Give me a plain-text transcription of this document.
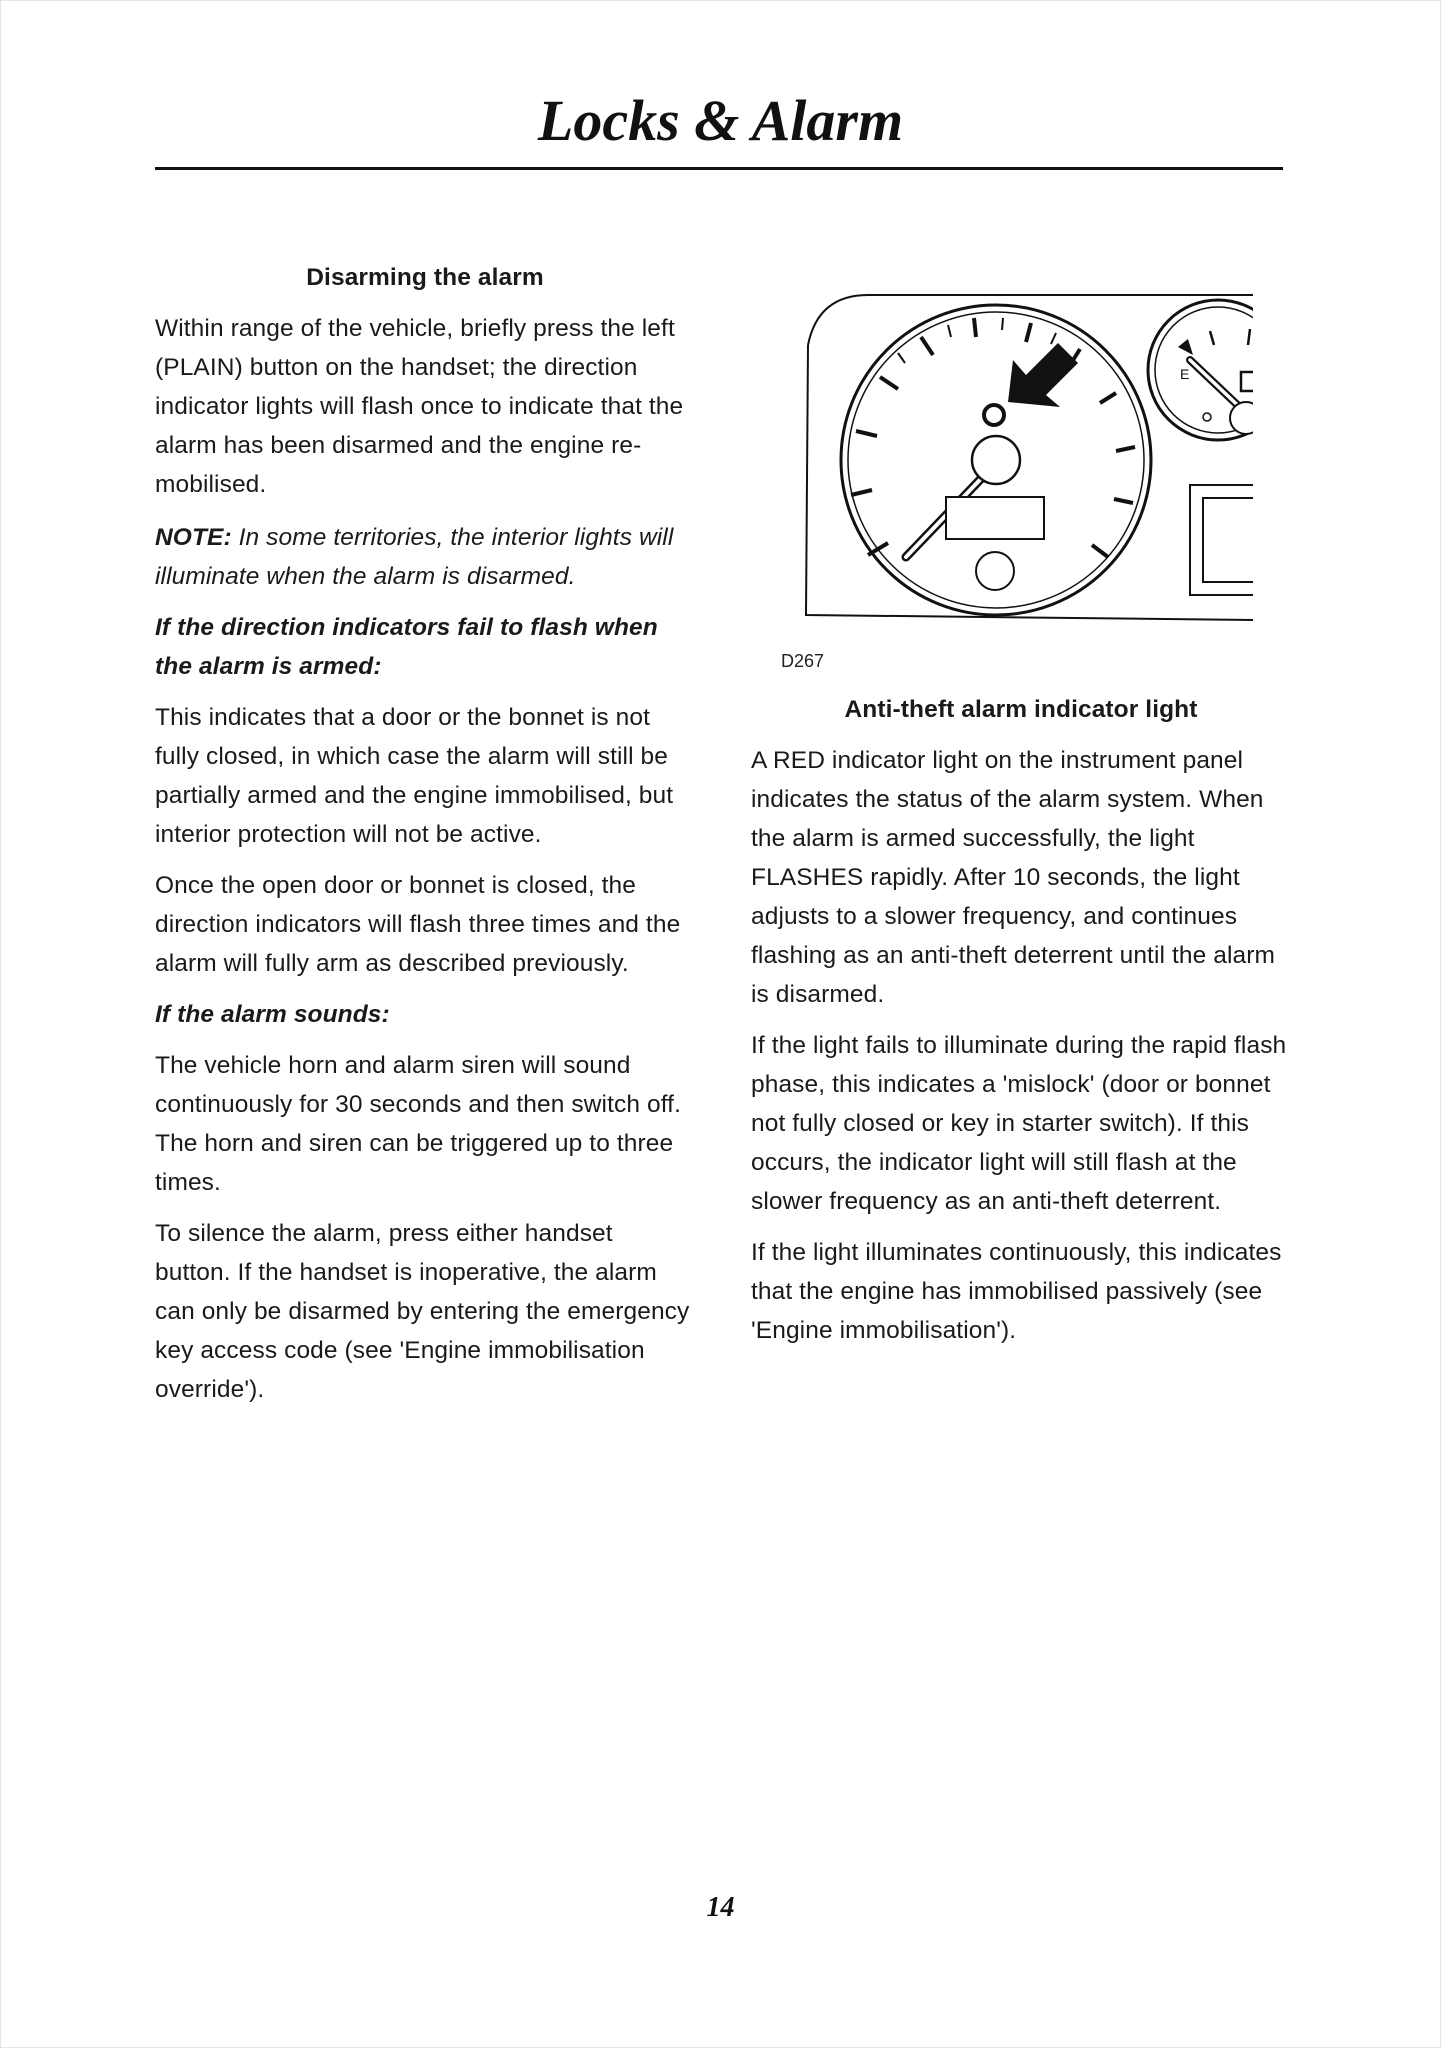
Locks & Alarm

Disarming the alarm

Within range of the vehicle, briefly press the left (PLAIN) button on the handset; the direction indicator lights will flash once to indicate that the alarm has been disarmed and the engine re-mobilised.

NOTE: In some territories, the interior lights will illuminate when the alarm is disarmed.

If the direction indicators fail to flash when the alarm is armed:

This indicates that a door or the bonnet is not fully closed, in which case the alarm will still be partially armed and the engine immobilised, but interior protection will not be active.

Once the open door or bonnet is closed, the direction indicators will flash three times and the alarm will fully arm as described previously.

If the alarm sounds:

The vehicle horn and alarm siren will sound continuously for 30 seconds and then switch off. The horn and siren can be triggered up to three times.

To silence the alarm, press either handset button. If the handset is inoperative, the alarm can only be disarmed by entering the emergency key access code (see 'Engine immobilisation override').

E
D267

Anti-theft alarm indicator light

A RED indicator light on the instrument panel indicates the status of the alarm system. When the alarm is armed successfully, the light FLASHES rapidly. After 10 seconds, the light adjusts to a slower frequency, and continues flashing as an anti-theft deterrent until the alarm is disarmed.

If the light fails to illuminate during the rapid flash phase, this indicates a 'mislock' (door or bonnet not fully closed or key in starter switch). If this occurs, the indicator light will still flash at the slower frequency as an anti-theft deterrent.

If the light illuminates continuously, this indicates that the engine has immobilised passively (see 'Engine immobilisation').

14
